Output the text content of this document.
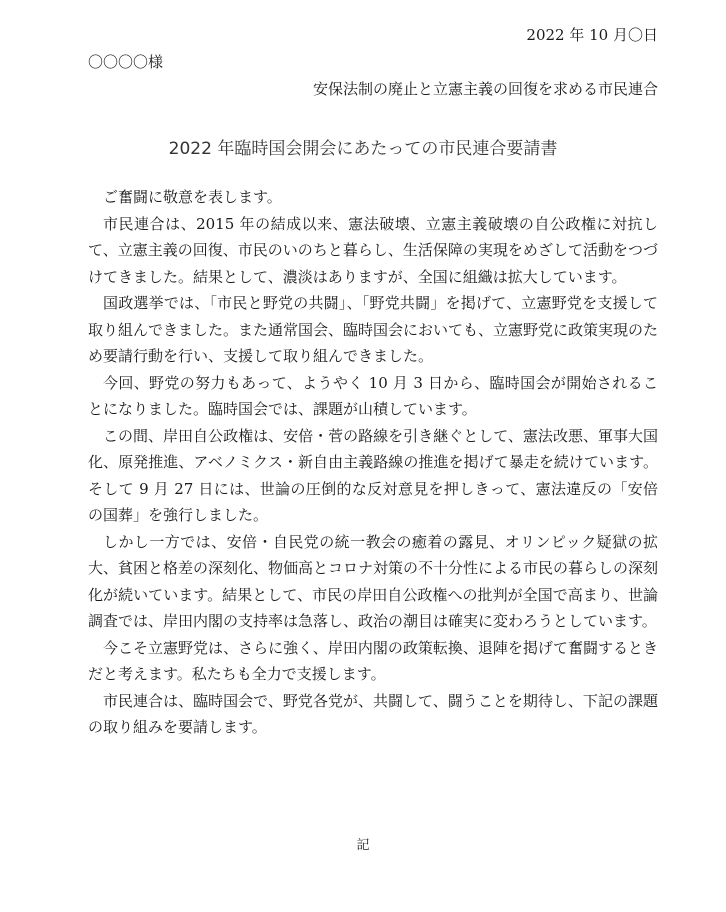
2022 年 10 月〇日
〇〇〇〇様
安保法制の廃止と立憲主義の回復を求める市民連合
2022 年臨時国会開会にあたっての市民連合要請書

ご奮闘に敬意を表します。

市民連合は、2015 年の結成以来、憲法破壊、立憲主義破壊の自公政権に対抗して、立憲主義の回復、市民のいのちと暮らし、生活保障の実現をめざして活動をつづけてきました。結果として、濃淡はありますが、全国に組織は拡大しています。

国政選挙では、「市民と野党の共闘」、「野党共闘」を掲げて、立憲野党を支援して取り組んできました。また通常国会、臨時国会においても、立憲野党に政策実現のため要請行動を行い、支援して取り組んできました。

今回、野党の努力もあって、ようやく 10 月 3 日から、臨時国会が開始されることになりました。臨時国会では、課題が山積しています。

この間、岸田自公政権は、安倍・菅の路線を引き継ぐとして、憲法改悪、軍事大国化、原発推進、アベノミクス・新自由主義路線の推進を掲げて暴走を続けています。そして 9 月 27 日には、世論の圧倒的な反対意見を押しきって、憲法違反の「安倍の国葬」を強行しました。

しかし一方では、安倍・自民党の統一教会の癒着の露見、オリンピック疑獄の拡大、貧困と格差の深刻化、物価高とコロナ対策の不十分性による市民の暮らしの深刻化が続いています。結果として、市民の岸田自公政権への批判が全国で高まり、世論調査では、岸田内閣の支持率は急落し、政治の潮目は確実に変わろうとしています。

今こそ立憲野党は、さらに強く、岸田内閣の政策転換、退陣を掲げて奮闘するときだと考えます。私たちも全力で支援します。

市民連合は、臨時国会で、野党各党が、共闘して、闘うことを期待し、下記の課題の取り組みを要請します。

記
